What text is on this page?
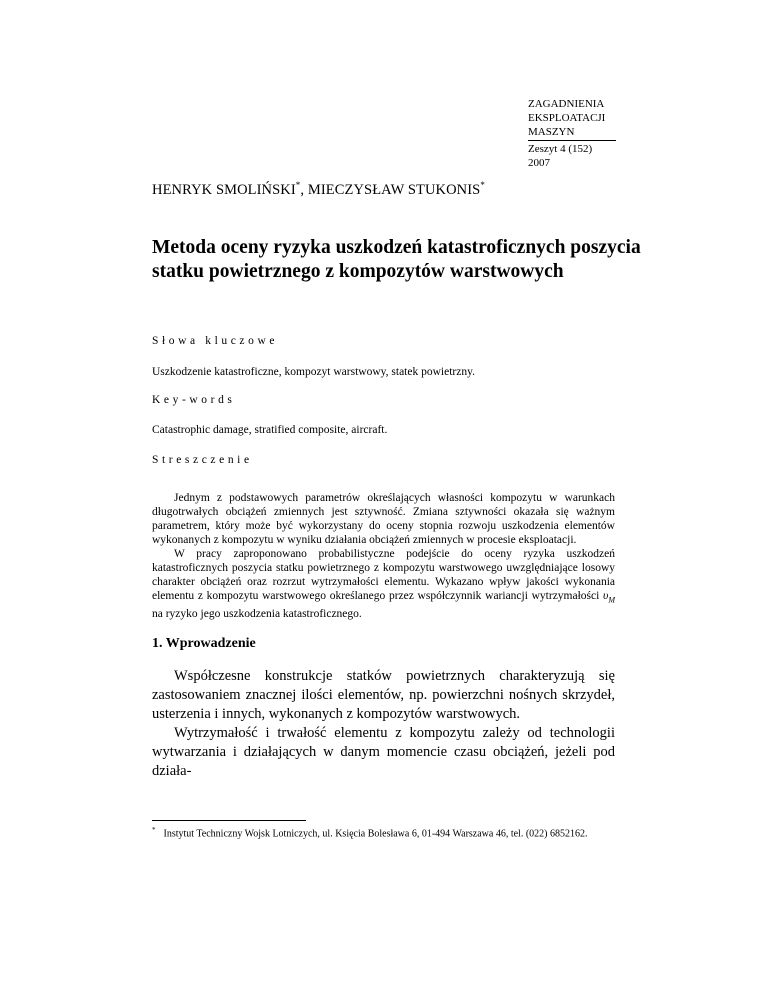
ZAGADNIENIA
EKSPLOATACJI
MASZYN
Zeszyt 4 (152) 2007
HENRYK SMOLIŃSKI*, MIECZYSŁAW STUKONIS*
Metoda oceny ryzyka uszkodzeń katastroficznych poszycia
statku powietrznego z kompozytów warstwowych
Słowa kluczowe
Uszkodzenie katastroficzne, kompozyt warstwowy, statek powietrzny.
Key-words
Catastrophic damage, stratified composite, aircraft.
Streszczenie

Jednym z podstawowych parametrów określających własności kompozytu w warunkach długotrwałych obciążeń zmiennych jest sztywność. Zmiana sztywności okazała się ważnym parametrem, który może być wykorzystany do oceny stopnia rozwoju uszkodzenia elementów wykonanych z kompozytu w wyniku działania obciążeń zmiennych w procesie eksploatacji.

W pracy zaproponowano probabilistyczne podejście do oceny ryzyka uszkodzeń katastroficznych poszycia statku powietrznego z kompozytu warstwowego uwzględniające losowy charakter obciążeń oraz rozrzut wytrzymałości elementu. Wykazano wpływ jakości wykonania elementu z kompozytu warstwowego określanego przez współczynnik wariancji wytrzymałości $\upsilon_M$ na ryzyko jego uszkodzenia katastroficznego.

1. Wprowadzenie

Współczesne konstrukcje statków powietrznych charakteryzują się zastosowaniem znacznej ilości elementów, np. powierzchni nośnych skrzydeł, usterzenia i innych, wykonanych z kompozytów warstwowych.

Wytrzymałość i trwałość elementu z kompozytu zależy od technologii wytwarzania i działających w danym momencie czasu obciążeń, jeżeli pod działa-

* Instytut Techniczny Wojsk Lotniczych, ul. Księcia Bolesława 6, 01-494 Warszawa 46, tel. (022) 6852162.
